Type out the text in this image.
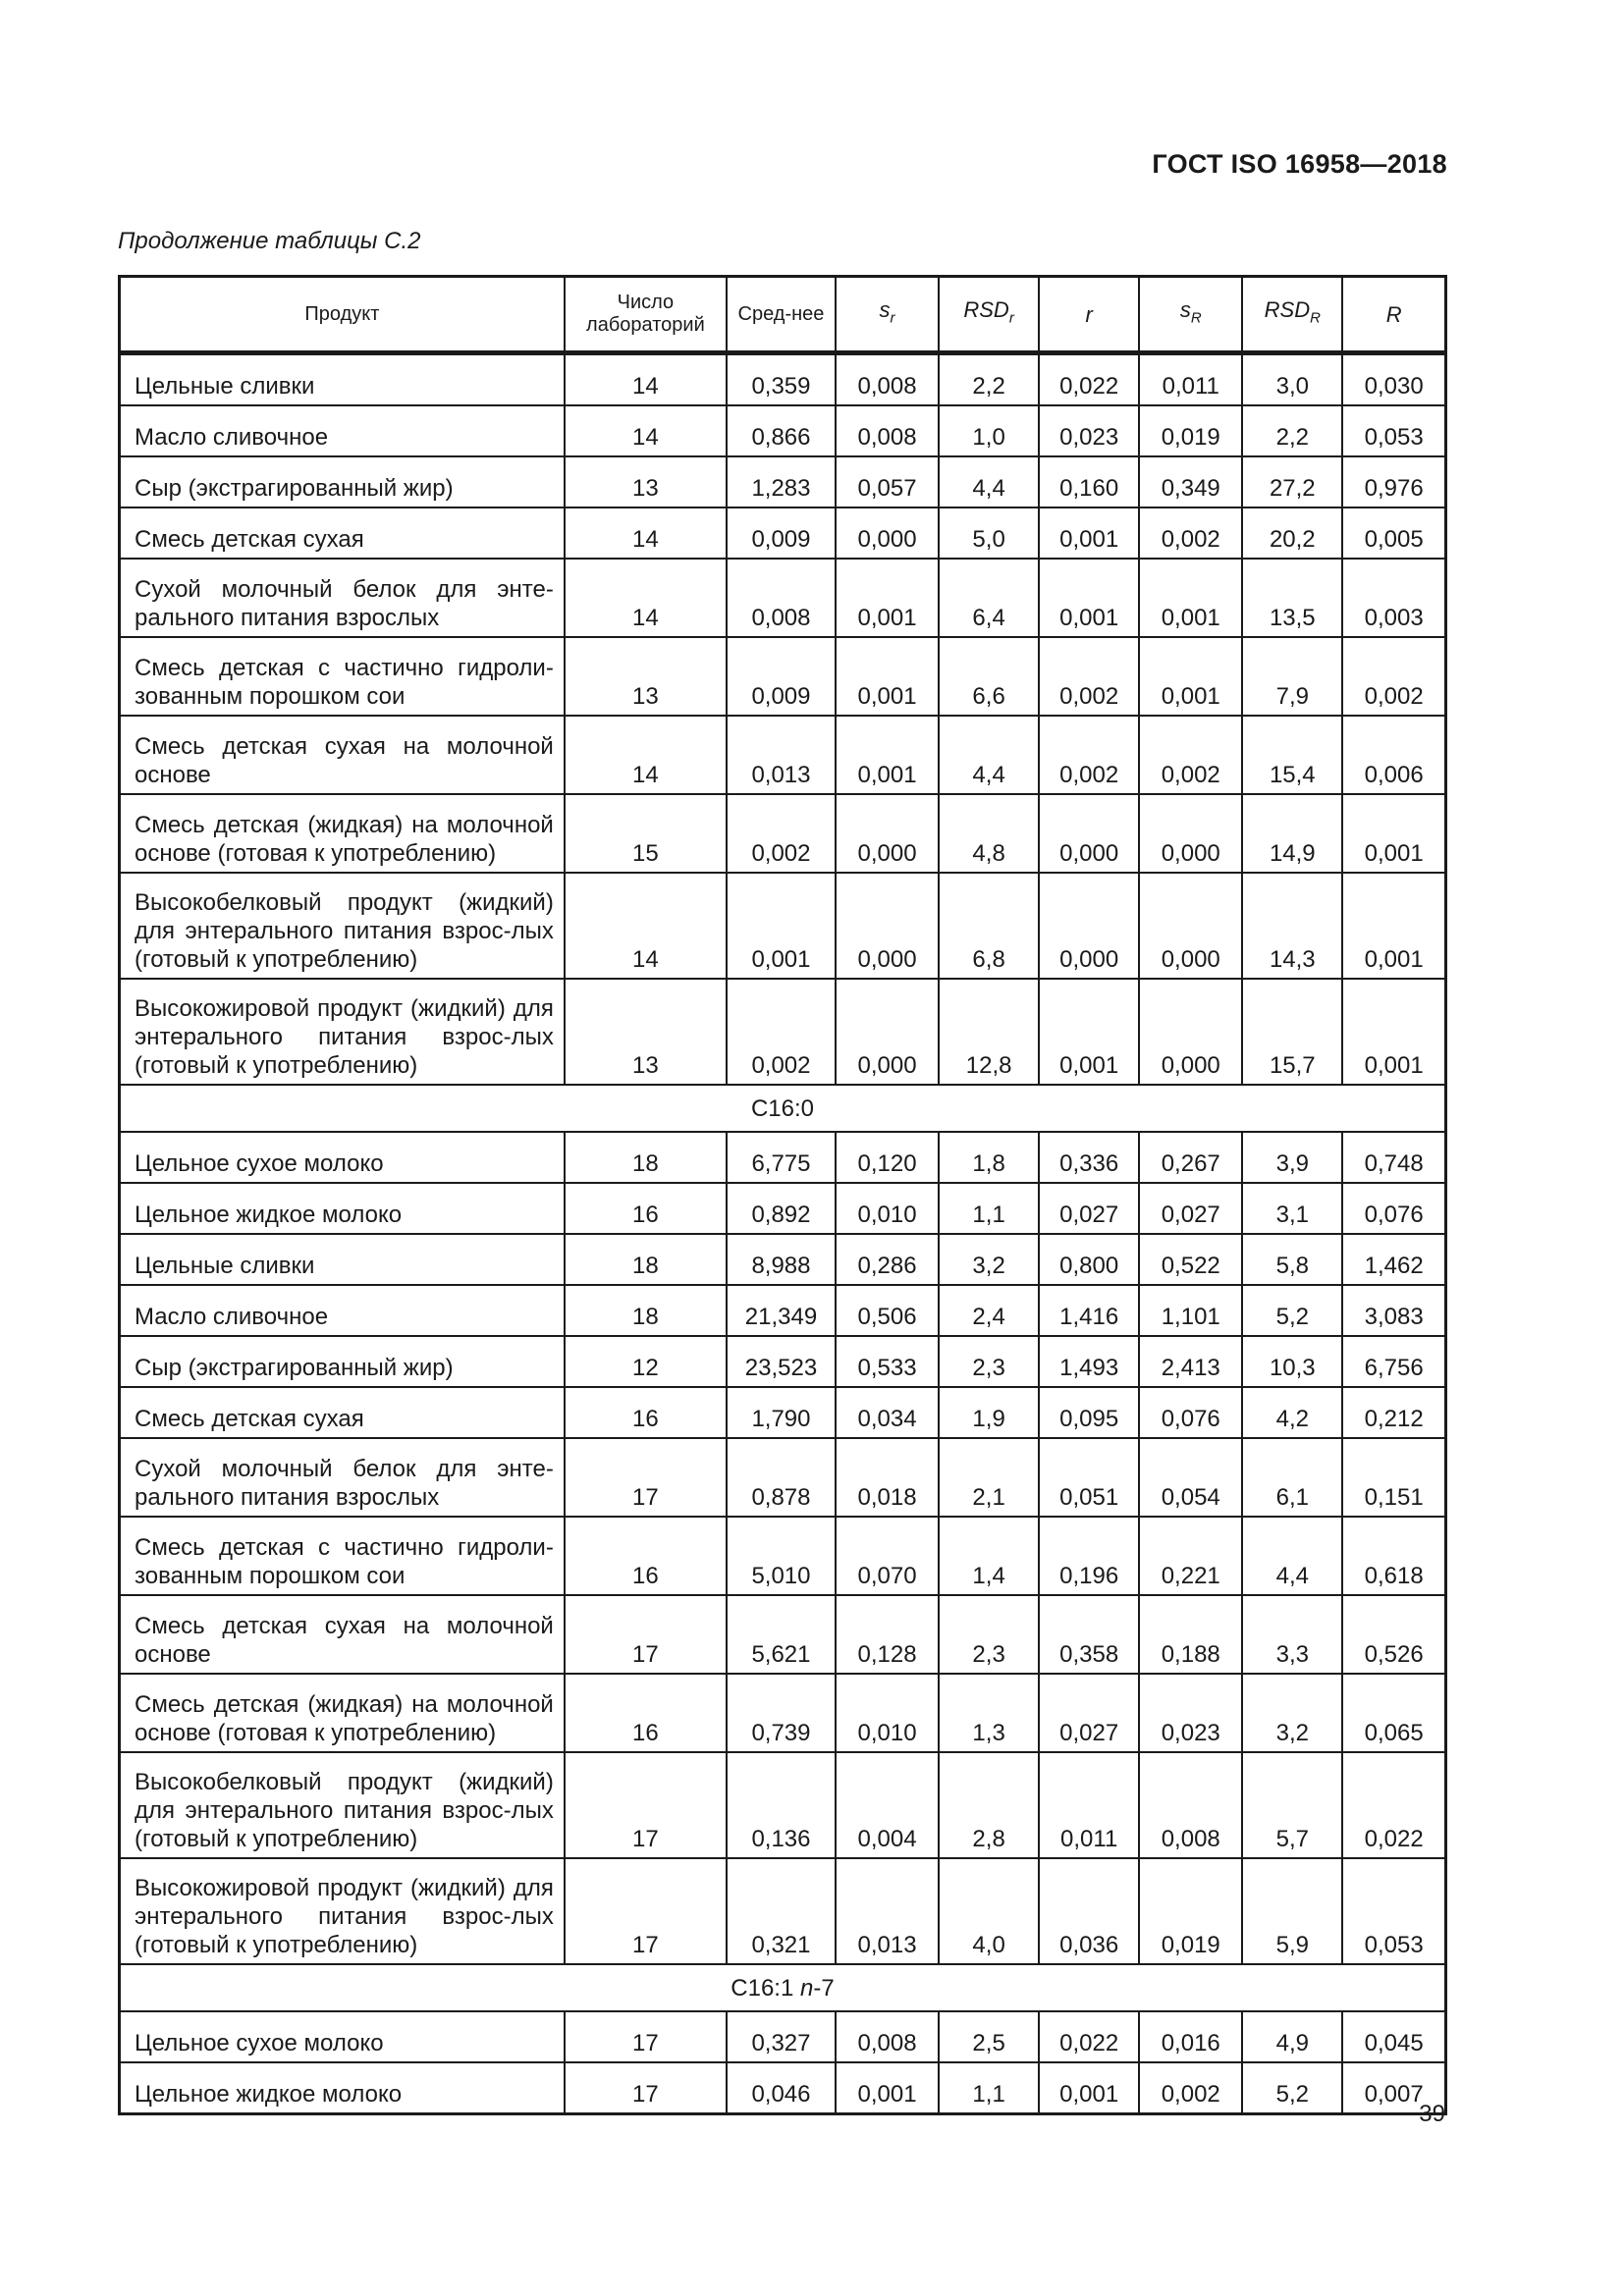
ГОСТ ISO 16958—2018
Продолжение таблицы С.2
Продукт	Число лабораторий	Сред-нее	$s_r$	$RSD_r$	r	$s_R$	$RSD_R$	R
Цельные сливки	14	0,359	0,008	2,2	0,022	0,011	3,0	0,030
Масло сливочное	14	0,866	0,008	1,0	0,023	0,019	2,2	0,053
Сыр (экстрагированный жир)	13	1,283	0,057	4,4	0,160	0,349	27,2	0,976
Смесь детская сухая	14	0,009	0,000	5,0	0,001	0,002	20,2	0,005
Сухой молочный белок для энте-рального питания взрослых	14	0,008	0,001	6,4	0,001	0,001	13,5	0,003
Смесь детская с частично гидроли-зованным порошком сои	13	0,009	0,001	6,6	0,002	0,001	7,9	0,002
Смесь детская сухая на молочной основе	14	0,013	0,001	4,4	0,002	0,002	15,4	0,006
Смесь детская (жидкая) на молочной основе (готовая к употреблению)	15	0,002	0,000	4,8	0,000	0,000	14,9	0,001
Высокобелковый продукт (жидкий) для энтерального питания взрос-лых (готовый к употреблению)	14	0,001	0,000	6,8	0,000	0,000	14,3	0,001
Высокожировой продукт (жидкий) для энтерального питания взрос-лых (готовый к употреблению)	13	0,002	0,000	12,8	0,001	0,000	15,7	0,001
C16:0								
Цельное сухое молоко	18	6,775	0,120	1,8	0,336	0,267	3,9	0,748
Цельное жидкое молоко	16	0,892	0,010	1,1	0,027	0,027	3,1	0,076
Цельные сливки	18	8,988	0,286	3,2	0,800	0,522	5,8	1,462
Масло сливочное	18	21,349	0,506	2,4	1,416	1,101	5,2	3,083
Сыр (экстрагированный жир)	12	23,523	0,533	2,3	1,493	2,413	10,3	6,756
Смесь детская сухая	16	1,790	0,034	1,9	0,095	0,076	4,2	0,212
Сухой молочный белок для энте-рального питания взрослых	17	0,878	0,018	2,1	0,051	0,054	6,1	0,151
Смесь детская с частично гидроли-зованным порошком сои	16	5,010	0,070	1,4	0,196	0,221	4,4	0,618
Смесь детская сухая на молочной основе	17	5,621	0,128	2,3	0,358	0,188	3,3	0,526
Смесь детская (жидкая) на молочной основе (готовая к употреблению)	16	0,739	0,010	1,3	0,027	0,023	3,2	0,065
Высокобелковый продукт (жидкий) для энтерального питания взрос-лых (готовый к употреблению)	17	0,136	0,004	2,8	0,011	0,008	5,7	0,022
Высокожировой продукт (жидкий) для энтерального питания взрос-лых (готовый к употреблению)	17	0,321	0,013	4,0	0,036	0,019	5,9	0,053
C16:1 n-7								
Цельное сухое молоко	17	0,327	0,008	2,5	0,022	0,016	4,9	0,045
Цельное жидкое молоко	17	0,046	0,001	1,1	0,001	0,002	5,2	0,007
39
